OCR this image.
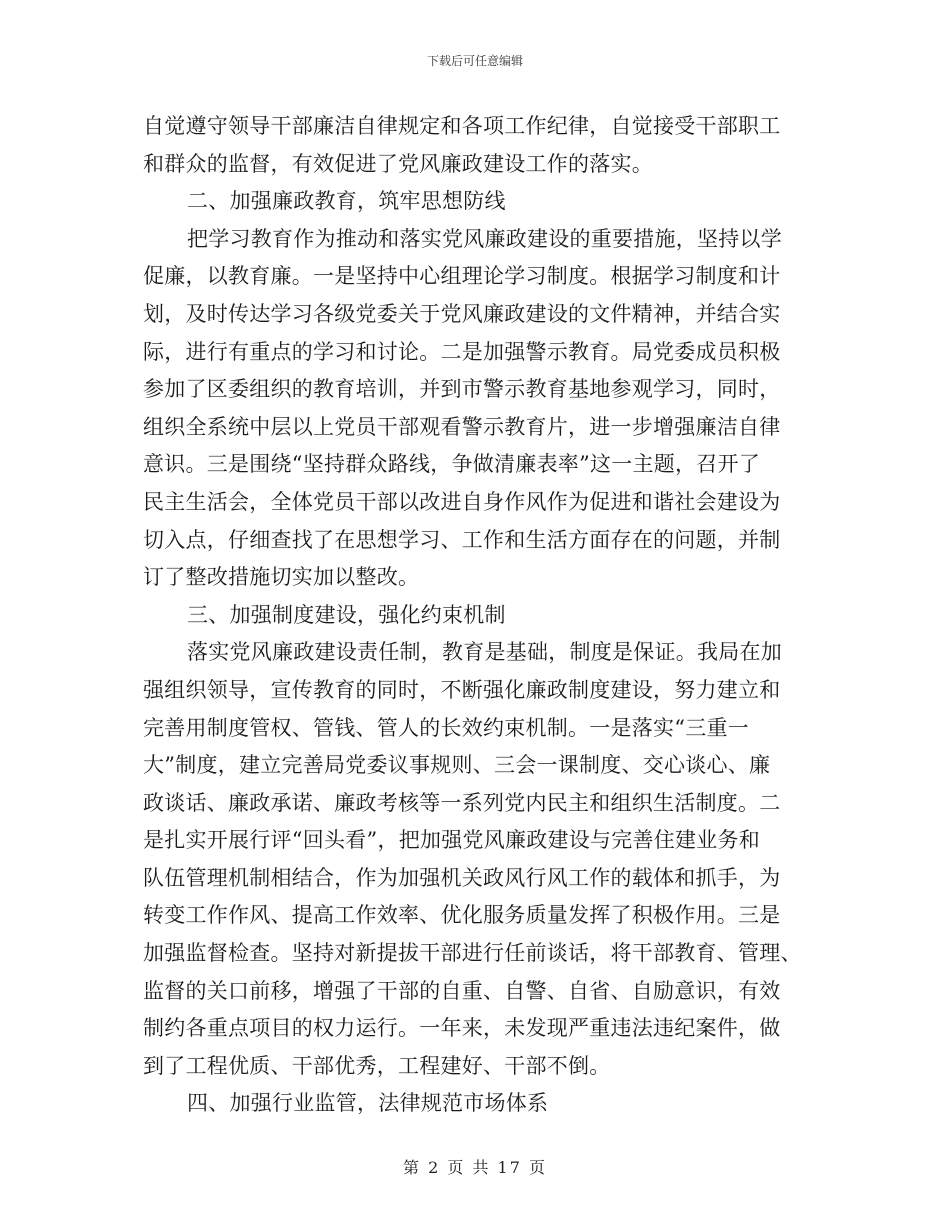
下载后可任意编辑
自觉遵守领导干部廉洁自律规定和各项工作纪律，自觉接受干部职工
和群众的监督，有效促进了党风廉政建设工作的落实。
二、加强廉政教育，筑牢思想防线
把学习教育作为推动和落实党风廉政建设的重要措施，坚持以学
促廉，以教育廉。一是坚持中心组理论学习制度。根据学习制度和计
划，及时传达学习各级党委关于党风廉政建设的文件精神，并结合实
际，进行有重点的学习和讨论。二是加强警示教育。局党委成员积极
参加了区委组织的教育培训，并到市警示教育基地参观学习，同时，
组织全系统中层以上党员干部观看警示教育片，进一步增强廉洁自律
意识。三是围绕“坚持群众路线，争做清廉表率”这一主题，召开了
民主生活会，全体党员干部以改进自身作风作为促进和谐社会建设为
切入点，仔细查找了在思想学习、工作和生活方面存在的问题，并制
订了整改措施切实加以整改。
三、加强制度建设，强化约束机制
落实党风廉政建设责任制，教育是基础，制度是保证。我局在加
强组织领导，宣传教育的同时，不断强化廉政制度建设，努力建立和
完善用制度管权、管钱、管人的长效约束机制。一是落实“三重一
大”制度，建立完善局党委议事规则、三会一课制度、交心谈心、廉
政谈话、廉政承诺、廉政考核等一系列党内民主和组织生活制度。二
是扎实开展行评“回头看”，把加强党风廉政建设与完善住建业务和
队伍管理机制相结合，作为加强机关政风行风工作的载体和抓手，为
转变工作作风、提高工作效率、优化服务质量发挥了积极作用。三是
加强监督检查。坚持对新提拔干部进行任前谈话，将干部教育、管理、
监督的关口前移，增强了干部的自重、自警、自省、自励意识，有效
制约各重点项目的权力运行。一年来，未发现严重违法违纪案件，做
到了工程优质、干部优秀，工程建好、干部不倒。
四、加强行业监管，法律规范市场体系
第 2 页 共 17 页
